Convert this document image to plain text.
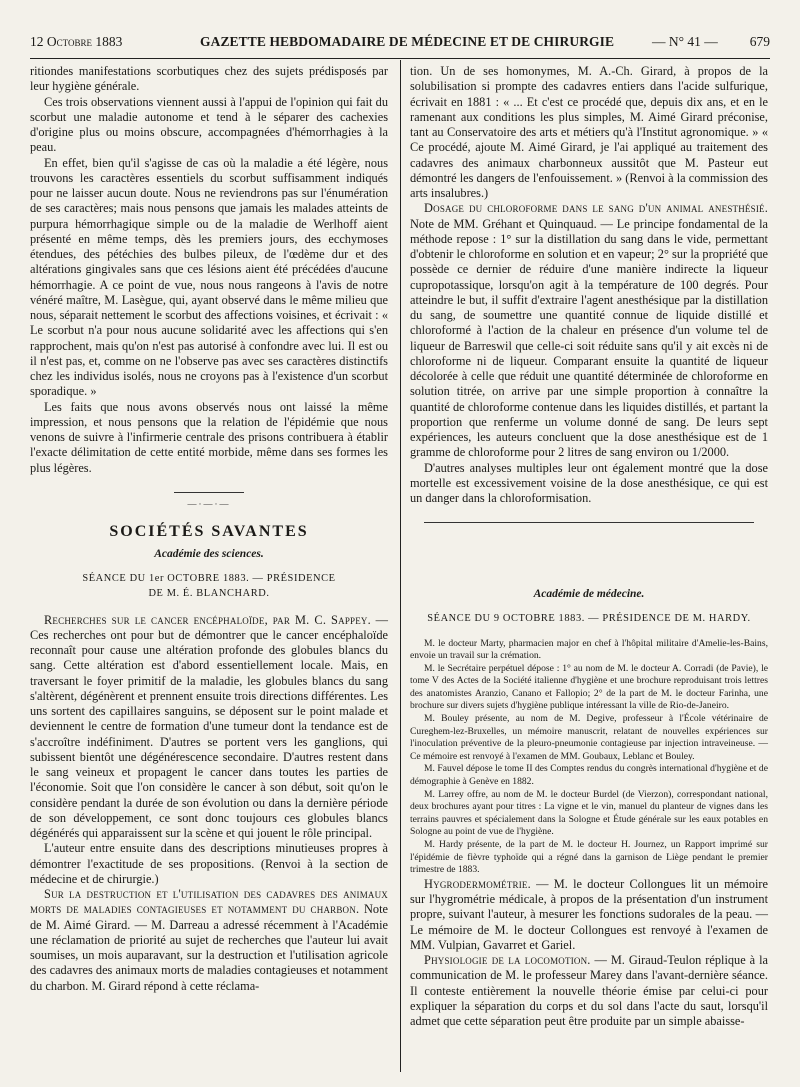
12 Octobre 1883	GAZETTE HEBDOMADAIRE DE MÉDECINE ET DE CHIRURGIE	— N° 41 — 679

ritiondes manifestations scorbutiques chez des sujets prédisposés par leur hygiène générale.

Ces trois observations viennent aussi à l'appui de l'opinion qui fait du scorbut une maladie autonome et tend à le séparer des cachexies d'origine plus ou moins obscure, accompagnées d'hémorrhagies à la peau.

En effet, bien qu'il s'agisse de cas où la maladie a été légère, nous trouvons les caractères essentiels du scorbut suffisamment indiqués pour ne laisser aucun doute. Nous ne reviendrons pas sur l'énumération de ses caractères; mais nous pensons que jamais les malades atteints de purpura hémorrhagique simple ou de la maladie de Werlhoff aient présenté en même temps, dès les premiers jours, des ecchymoses étendues, des pétéchies des bulbes pileux, de l'œdème dur et des altérations gingivales sans que ces lésions aient été précédées d'aucune hémorrhagie. A ce point de vue, nous nous rangeons à l'avis de notre vénéré maître, M. Lasègue, qui, ayant observé dans le même milieu que nous, séparait nettement le scorbut des affections voisines, et écrivait : « Le scorbut n'a pour nous aucune solidarité avec les affections qui s'en rapprochent, mais qu'on n'est pas autorisé à confondre avec lui. Il est ou il n'est pas, et, comme on ne l'observe pas avec ses caractères distinctifs chez les individus isolés, nous ne croyons pas à l'existence d'un scorbut sporadique. »

Les faits que nous avons observés nous ont laissé la même impression, et nous pensons que la relation de l'épidémie que nous venons de suivre à l'infirmerie centrale des prisons contribuera à établir l'exacte délimitation de cette entité morbide, même dans ses formes les plus légères.

—·—·—
SOCIÉTÉS SAVANTES
Académie des sciences.
SÉANCE DU 1er OCTOBRE 1883. — PRÉSIDENCE
DE M. É. BLANCHARD.

Recherches sur le cancer encéphaloïde, par M. C. Sappey. — Ces recherches ont pour but de démontrer que le cancer encéphaloïde reconnaît pour cause une altération profonde des globules blancs du sang. Cette altération est d'abord essentiellement locale. Mais, en traversant le foyer primitif de la maladie, les globules blancs du sang s'altèrent, dégénèrent et prennent ensuite trois directions différentes. Les uns sortent des capillaires sanguins, se déposent sur le point malade et deviennent le centre de formation d'une tumeur dont la tendance est de s'accroître indéfiniment. D'autres se portent vers les ganglions, qui subissent bientôt une dégénérescence secondaire. D'autres restent dans le sang veineux et propagent le cancer dans toutes les parties de l'économie. Soit que l'on considère le cancer à son début, soit qu'on le considère pendant la durée de son évolution ou dans la dernière période de son développement, ce sont donc toujours ces globules blancs dégénérés qui apparaissent sur la scène et qui jouent le rôle principal.

L'auteur entre ensuite dans des descriptions minutieuses propres à démontrer l'exactitude de ses propositions. (Renvoi à la section de médecine et de chirurgie.)

Sur la destruction et l'utilisation des cadavres des animaux morts de maladies contagieuses et notamment du charbon. Note de M. Aimé Girard. — M. Darreau a adressé récemment à l'Académie une réclamation de priorité au sujet de recherches que l'auteur lui avait soumises, un mois auparavant, sur la destruction et l'utilisation agricole des cadavres des animaux morts de maladies contagieuses et notamment du charbon. M. Girard répond à cette réclama-

tion. Un de ses homonymes, M. A.-Ch. Girard, à propos de la solubilisation si prompte des cadavres entiers dans l'acide sulfurique, écrivait en 1881 : « ... Et c'est ce procédé que, depuis dix ans, et en le ramenant aux conditions les plus simples, M. Aimé Girard préconise, tant au Conservatoire des arts et métiers qu'à l'Institut agronomique. » « Ce procédé, ajoute M. Aimé Girard, je l'ai appliqué au traitement des cadavres des animaux charbonneux aussitôt que M. Pasteur eut démontré les dangers de l'enfouissement. » (Renvoi à la commission des arts insalubres.)

Dosage du chloroforme dans le sang d'un animal anesthésié. Note de MM. Gréhant et Quinquaud. — Le principe fondamental de la méthode repose : 1° sur la distillation du sang dans le vide, permettant d'obtenir le chloroforme en solution et en vapeur; 2° sur la propriété que possède ce dernier de réduire d'une manière indirecte la liqueur cupropotassique, lorsqu'on agit à la température de 100 degrés. Pour atteindre le but, il suffit d'extraire l'agent anesthésique par la distillation du sang, de soumettre une quantité connue de liquide distillé et chloroformé à l'action de la chaleur en présence d'un volume tel de liqueur de Barreswil que celle-ci soit réduite sans qu'il y ait excès ni de chloroforme ni de liqueur. Comparant ensuite la quantité de liqueur décolorée à celle que réduit une quantité déterminée de chloroforme en solution titrée, on arrive par une simple proportion à connaître la quantité de chloroforme contenue dans les liquides distillés, et partant la proportion que renferme un volume donné de sang. De leurs sept expériences, les auteurs concluent que la dose anesthésique est de 1 gramme de chloroforme pour 2 litres de sang environ ou 1/2000.

D'autres analyses multiples leur ont également montré que la dose mortelle est excessivement voisine de la dose anesthésique, ce qui est un danger dans la chloroformisation.

Académie de médecine.
SÉANCE DU 9 OCTOBRE 1883. — PRÉSIDENCE DE M. HARDY.

M. le docteur Marty, pharmacien major en chef à l'hôpital militaire d'Amelie-les-Bains, envoie un travail sur la crémation.

M. le Secrétaire perpétuel dépose : 1° au nom de M. le docteur A. Corradi (de Pavie), le tome V des Actes de la Société italienne d'hygiène et une brochure reproduisant trois lettres des anatomistes Aranzio, Canano et Fallopio; 2° de la part de M. le docteur Farinha, une brochure sur divers sujets d'hygiène publique intéressant la ville de Rio-de-Janeiro.

M. Bouley présente, au nom de M. Degive, professeur à l'École vétérinaire de Cureghem-lez-Bruxelles, un mémoire manuscrit, relatant de nouvelles expériences sur l'inoculation préventive de la pleuro-pneumonie contagieuse par injection intraveineuse. — Ce mémoire est renvoyé à l'examen de MM. Goubaux, Leblanc et Bouley.

M. Fauvel dépose le tome II des Comptes rendus du congrès international d'hygiène et de démographie à Genève en 1882.

M. Larrey offre, au nom de M. le docteur Burdel (de Vierzon), correspondant national, deux brochures ayant pour titres : La vigne et le vin, manuel du planteur de vignes dans les terrains pauvres et spécialement dans la Sologne et Étude générale sur les eaux potables en Sologne au point de vue de l'hygiène.

M. Hardy présente, de la part de M. le docteur H. Journez, un Rapport imprimé sur l'épidémie de fièvre typhoïde qui a régné dans la garnison de Liège pendant le premier trimestre de 1883.

Hygrodermométrie. — M. le docteur Collongues lit un mémoire sur l'hygrométrie médicale, à propos de la présentation d'un instrument propre, suivant l'auteur, à mesurer les fonctions sudorales de la peau. — Le mémoire de M. le docteur Collongues est renvoyé à l'examen de MM. Vulpian, Gavarret et Gariel.

Physiologie de la locomotion. — M. Giraud-Teulon réplique à la communication de M. le professeur Marey dans l'avant-dernière séance. Il conteste entièrement la nouvelle théorie émise par celui-ci pour expliquer la séparation du corps et du sol dans l'acte du saut, lorsqu'il admet que cette séparation peut être produite par un simple abaisse-
